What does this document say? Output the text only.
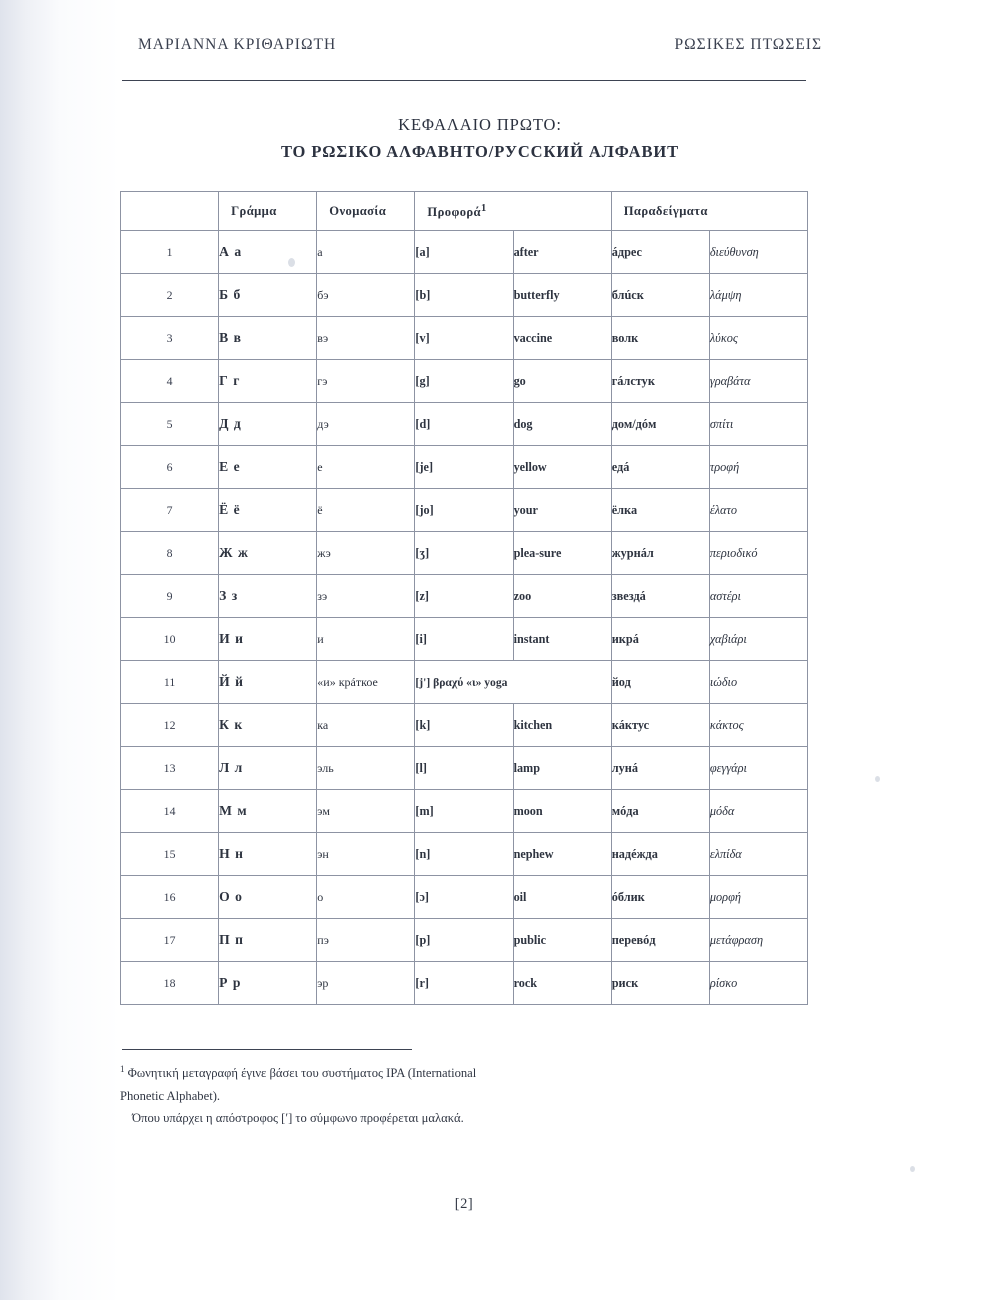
ΜΑΡΙΑΝΝΑ ΚΡΙΘΑΡΙΩΤΗ	ΡΩΣΙΚΕΣ ΠΤΩΣΕΙΣ
ΚΕΦΑΛΑΙΟ ΠΡΩΤΟ:
ΤΟ ΡΩΣΙΚΟ ΑΛΦΑΒΗΤΟ/РУССКИЙ АЛФАВИТ
	Γράμμα	Ονομασία	Προφορά$^1$		Παραδείγματα	
1	А а	а	[a]	after	áдрес	διεύθυνση
2	Б б	бэ	[b]	butterfly	блúск	λάμψη
3	В в	вэ	[v]	vaccine	волк	λύκος
4	Г г	гэ	[g]	go	гáлстук	γραβάτα
5	Д д	дэ	[d]	dog	дом/дóм	σπίτι
6	Е е	е	[je]	yellow	едá	τροφή
7	Ё ё	ё	[jo]	your	ёлка	έλατο
8	Ж ж	жэ	[ʒ]	plea-sure	журнáл	περιοδικό
9	З з	зэ	[z]	zoo	звездá	αστέρι
10	И и	и	[i]	instant	икрá	χαβιάρι
11	Й й	«и» крáткое	[j'] βραχύ «ι» yoga		йод	ιώδιο
12	К к	ка	[k]	kitchen	кáктус	κάκτος
13	Л л	эль	[l]	lamp	лунá	φεγγάρι
14	М м	эм	[m]	moon	мóда	μόδα
15	Н н	эн	[n]	nephew	надéжда	ελπίδα
16	О о	о	[ɔ]	oil	óблик	μορφή
17	П п	пэ	[p]	public	перевóд	μετάφραση
18	Р р	эр	[r]	rock	риск	ρίσκο
$^1$ Φωνητική μεταγραφή έγινε βάσει του συστήματος IPA (International
Phonetic Alphabet).
Όπου υπάρχει η απόστροφος [ʹ] το σύμφωνο προφέρεται μαλακά.
[2]
